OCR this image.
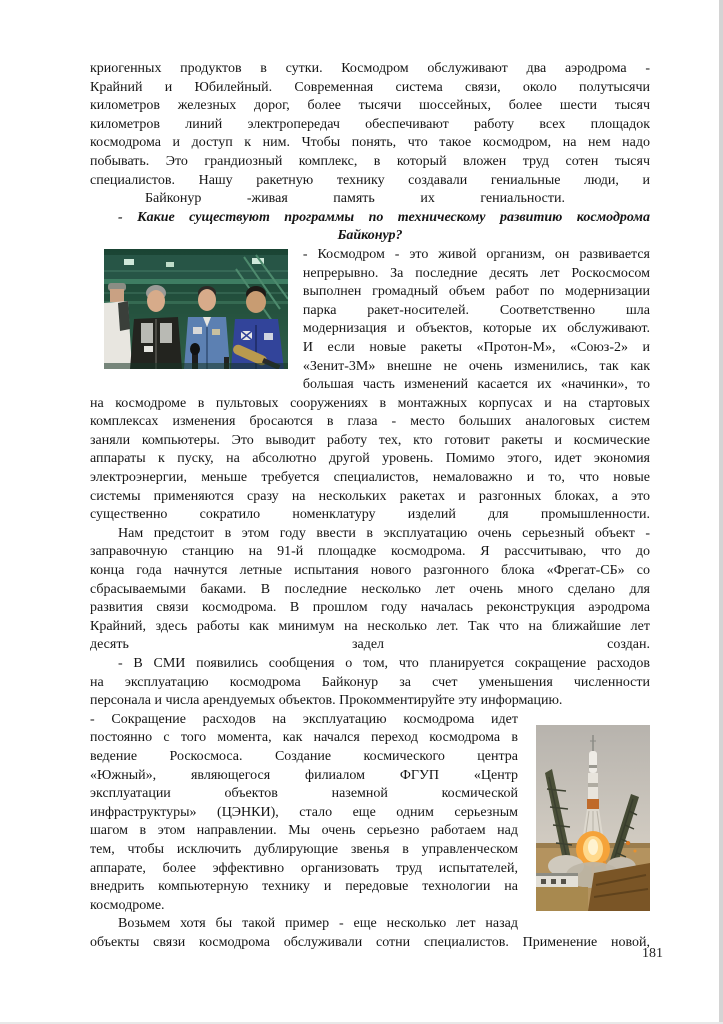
криогенных продуктов в сутки. Космодром обслуживают два аэродрома -
Крайний и Юбилейный. Современная система связи, около полутысячи
километров железных дорог, более тысячи шоссейных, более шести тысяч
километров линий электропередач обеспечивают работу всех площадок
космодрома и доступ к ним. Чтобы понять, что такое космодром, на нем надо
побывать. Это грандиозный комплекс, в который вложен труд сотен тысяч
специалистов. Нашу ракетную технику создавали гениальные люди, и
Байконур -живая память их гениальности.
- Какие существуют программы по техническому развитию космодрома
Байконур?
- Космодром - это живой организм, он развивается
непрерывно. За последние десять лет Роскосмосом
выполнен громадный объем работ по модернизации
парка ракет-носителей. Соответственно шла
модернизация и объектов, которые их обслуживают.
И если новые ракеты «Протон-М», «Союз-2» и
«Зенит-3М» внешне не очень изменились, так как
большая часть изменений касается их «начинки», то
на космодроме в пультовых сооружениях в монтажных корпусах и на стартовых
комплексах изменения бросаются в глаза - место больших аналоговых систем
заняли компьютеры. Это выводит работу тех, кто готовит ракеты и космические
аппараты к пуску, на абсолютно другой уровень. Помимо этого, идет экономия
электроэнергии, меньше требуется специалистов, немаловажно и то, что новые
системы применяются сразу на нескольких ракетах и разгонных блоках, а это
существенно сократило номенклатуру изделий для промышленности.
Нам предстоит в этом году ввести в эксплуатацию очень серьезный объект -
заправочную станцию на 91-й площадке космодрома. Я рассчитываю, что до
конца года начнутся летные испытания нового разгонного блока «Фрегат-СБ» со
сбрасываемыми баками. В последние несколько лет очень много сделано для
развития связи космодрома. В прошлом году началась реконструкция аэродрома
Крайний, здесь работы как минимум на несколько лет. Так что на ближайшие лет
десять задел создан.
- В СМИ появились сообщения о том, что планируется сокращение расходов
на эксплуатацию космодрома Байконур за счет уменьшения численности
персонала и числа арендуемых объектов. Прокомментируйте эту информацию.
- Сокращение расходов на эксплуатацию космодрома идет
постоянно с того момента, как начался переход космодрома в
ведение Роскосмоса. Создание космического центра
«Южный», являющегося филиалом ФГУП «Центр
эксплуатации объектов наземной космической
инфраструктуры» (ЦЭНКИ), стало еще одним серьезным
шагом в этом направлении. Мы очень серьезно работаем над
тем, чтобы исключить дублирующие звенья в управленческом
аппарате, более эффективно организовать труд испытателей,
внедрить компьютерную технику и передовые технологии на
космодроме.
Возьмем хотя бы такой пример - еще несколько лет назад
объекты связи космодрома обслуживали сотни специалистов. Применение новой,
181
